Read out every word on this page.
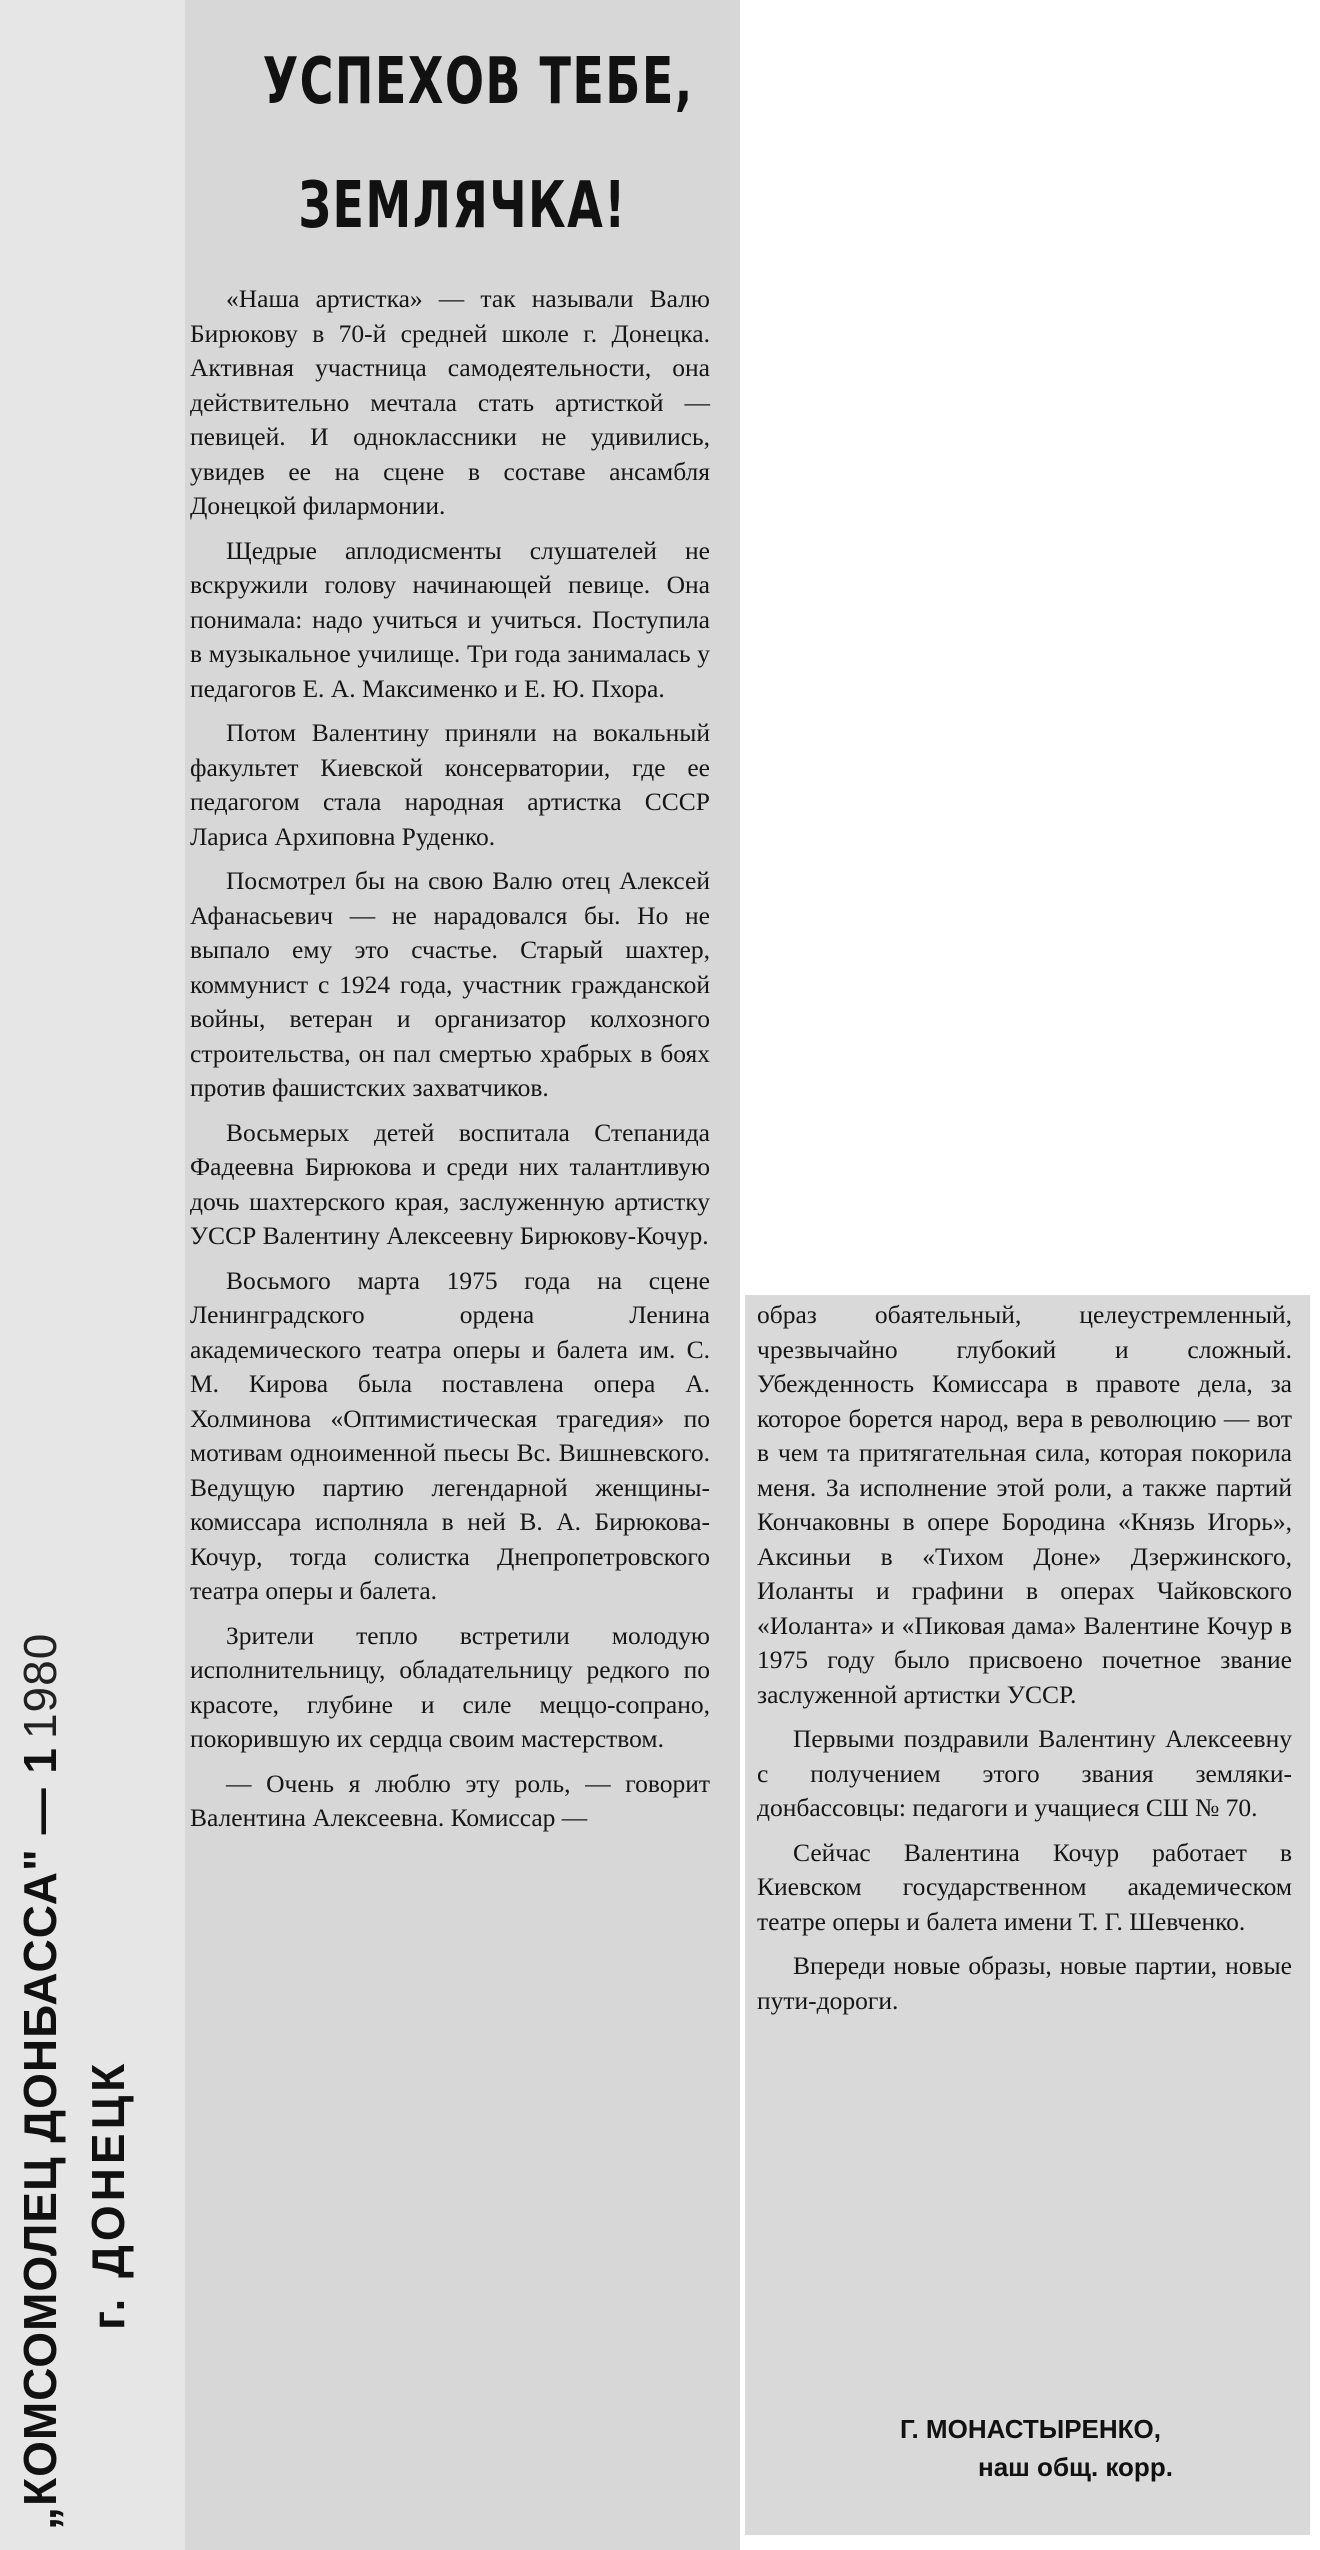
„КОМСОМОЛЕЦ ДОНБАССА" — 11980
г. ДОНЕЦК
УСПЕХОВ ТЕБЕ,
ЗЕМЛЯЧКА!

«Наша артистка» — так называли Валю Бирюкову в 70-й средней школе г. Донецка. Активная участница самодеятельности, она действительно мечтала стать артисткой — певицей. И одноклассники не удивились, увидев ее на сцене в составе ансамбля Донецкой филармонии.

Щедрые аплодисменты слушателей не вскружили голову начинающей певице. Она понимала: надо учиться и учиться. Поступила в музыкальное училище. Три года занималась у педагогов Е. А. Максименко и Е. Ю. Пхора.

Потом Валентину приняли на вокальный факультет Киевской консерватории, где ее педагогом стала народная артистка СССР Лариса Архиповна Руденко.

Посмотрел бы на свою Валю отец Алексей Афанасьевич — не нарадовался бы. Но не выпало ему это счастье. Старый шахтер, коммунист с 1924 года, участник гражданской войны, ветеран и организатор колхозного строительства, он пал смертью храбрых в боях против фашистских захватчиков.

Восьмерых детей воспитала Степанида Фадеевна Бирюкова и среди них талантливую дочь шахтерского края, заслуженную артистку УССР Валентину Алексеевну Бирюкову-Кочур.

Восьмого марта 1975 года на сцене Ленинградского ордена Ленина академического театра оперы и балета им. С. М. Кирова была поставлена опера А. Холминова «Оптимистическая трагедия» по мотивам одноименной пьесы Вс. Вишневского. Ведущую партию легендарной женщины-комиссара исполняла в ней В. А. Бирюкова-Кочур, тогда солистка Днепропетровского театра оперы и балета.

Зрители тепло встретили молодую исполнительницу, обладательницу редкого по красоте, глубине и силе меццо-сопрано, покорившую их сердца своим мастерством.

— Очень я люблю эту роль, — говорит Валентина Алексеевна. Комиссар —

образ обаятельный, целеустремленный, чрезвычайно глубокий и сложный. Убежденность Комиссара в правоте дела, за которое борется народ, вера в революцию — вот в чем та притягательная сила, которая покорила меня. За исполнение этой роли, а также партий Кончаковны в опере Бородина «Князь Игорь», Аксиньи в «Тихом Доне» Дзержинского, Иоланты и графини в операх Чайковского «Иоланта» и «Пиковая дама» Валентине Кочур в 1975 году было присвоено почетное звание заслуженной артистки УССР.

Первыми поздравили Валентину Алексеевну с получением этого звания земляки-донбассовцы: педагоги и учащиеся СШ № 70.

Сейчас Валентина Кочур работает в Киевском государственном академическом театре оперы и балета имени Т. Г. Шевченко.

Впереди новые образы, новые партии, новые пути-дороги.

Г. МОНАСТЫРЕНКО,
наш общ. корр.
